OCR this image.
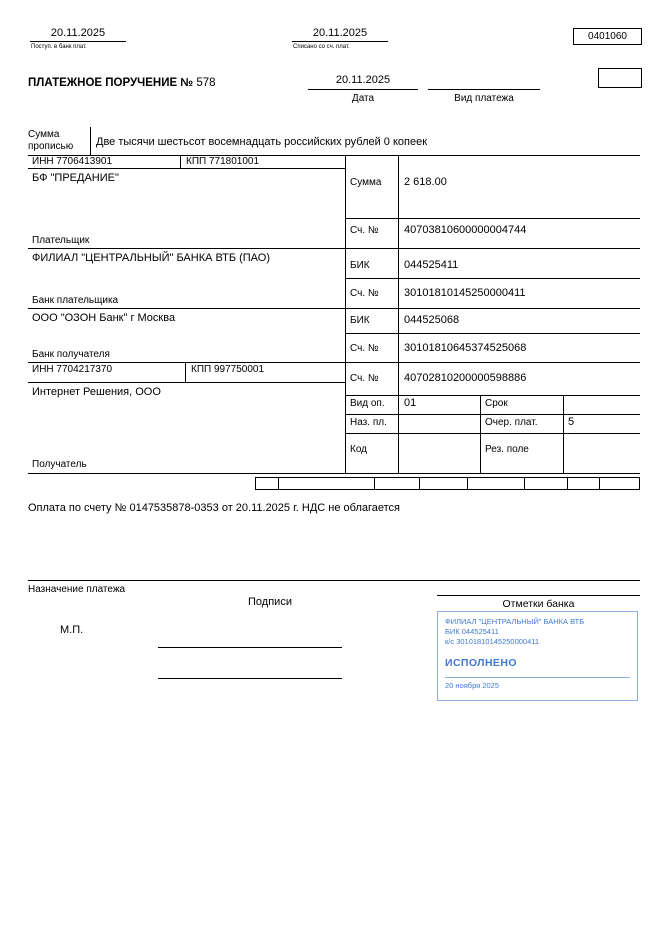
20.11.2025
Поступ. в банк плат.
20.11.2025
Списано со сч. плат.
0401060
ПЛАТЕЖНОЕ ПОРУЧЕНИЕ № 578	20.11.2025
Дата	Вид платежа
Сумма
прописью Две тысячи шестьсот восемнадцать российских рублей 0 копеек
ИНН 7706413901	КПП 771801001
БФ "ПРЕДАНИЕ"
Плательщик
ФИЛИАЛ "ЦЕНТРАЛЬНЫЙ" БАНКА ВТБ (ПАО)
Банк плательщика
ООО "ОЗОН Банк" г Москва
Банк получателя
ИНН 7704217370	КПП 997750001
Интернет Решения, ООО
Получатель
Сумма 2 618.00
Сч. № 40703810600000004744
БИК	044525411
Сч. № 30101810145250000411
БИК	044525068
Сч. № 30101810645374525068
Сч. № 40702810200000598886
Вид оп. 01	Срок
Наз. пл.	Очер. плат.	5
Код	Рез. поле
Оплата по счету № 0147535878-0353 от 20.11.2025 г. НДС не облагается
Назначение платежа
Подписи	Отметки банка
М.П.
ФИЛИАЛ "ЦЕНТРАЛЬНЫЙ" БАНКА ВТБ
БИК 044525411
к/с 30101810145250000411
ИСПОЛНЕНО
20 ноября 2025
